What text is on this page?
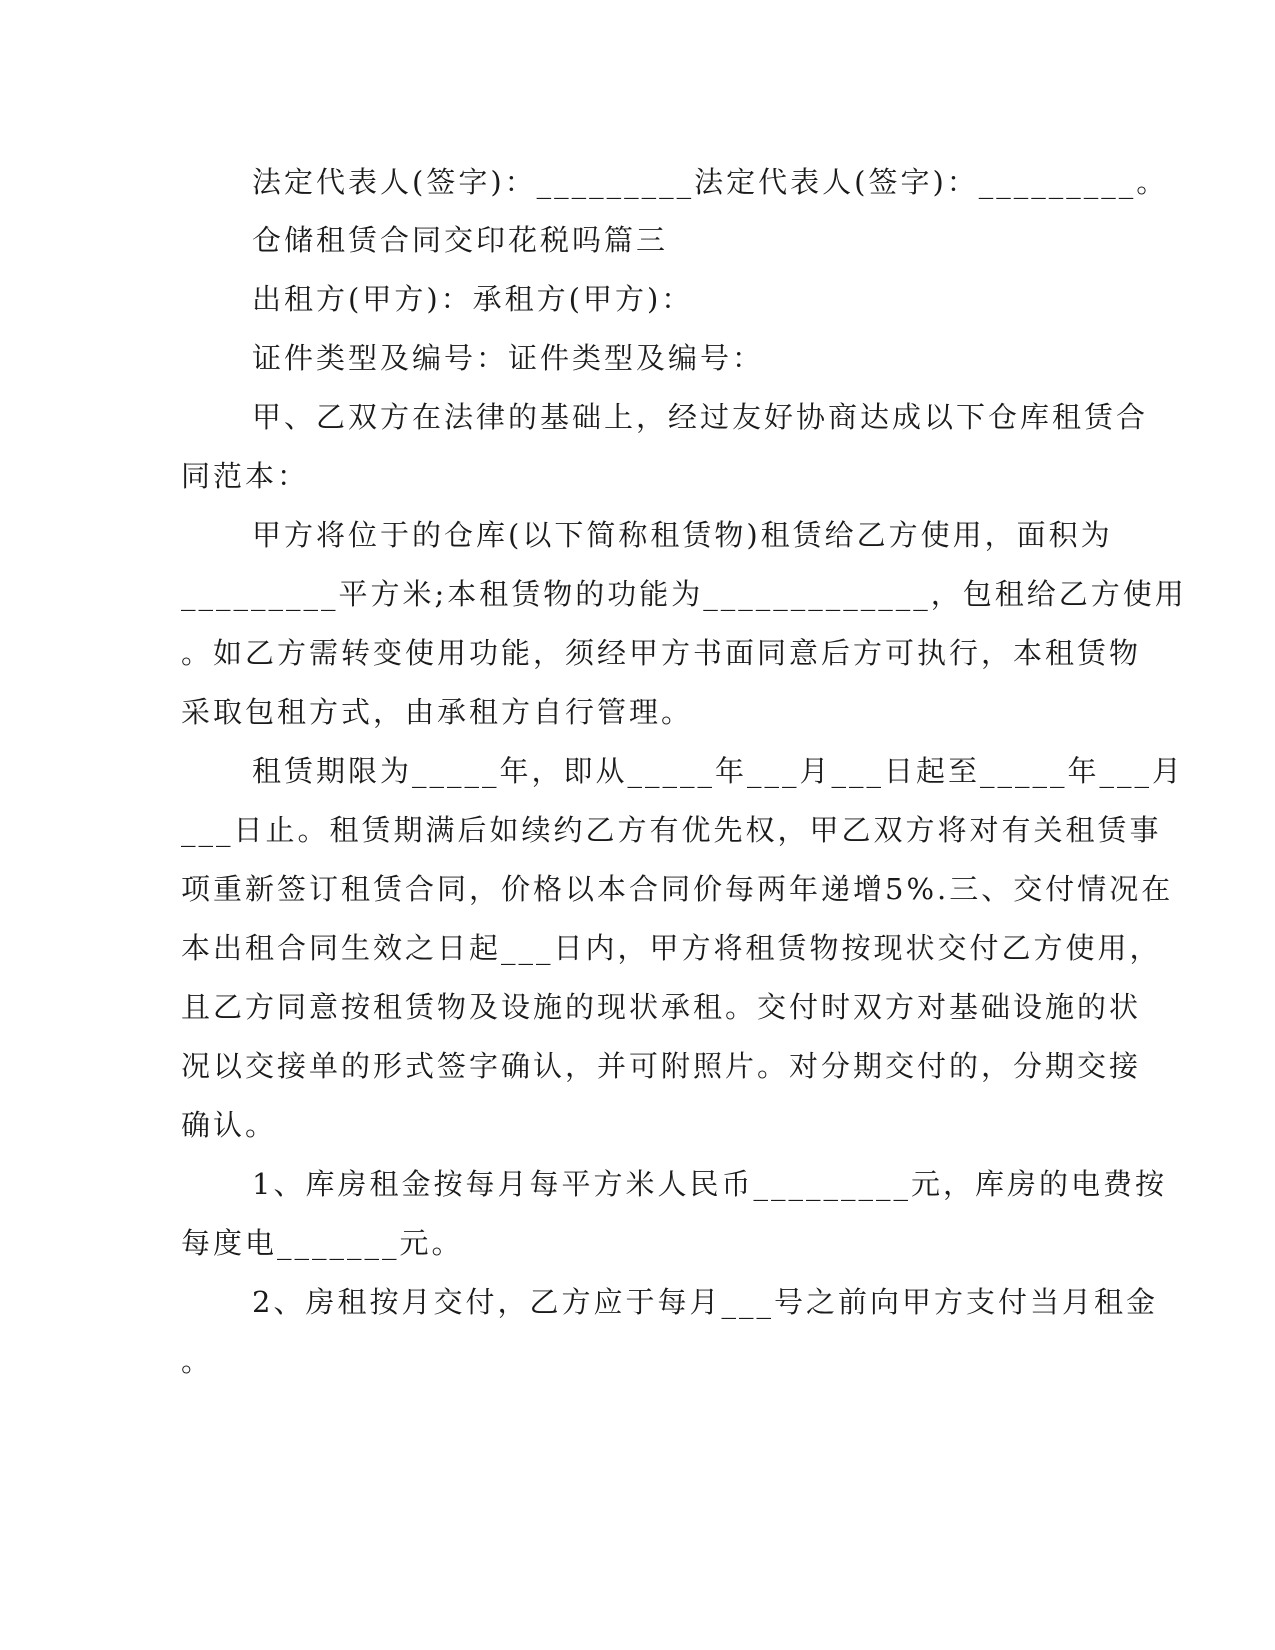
法定代表人(签字)：_________法定代表人(签字)：_________。
仓储租赁合同交印花税吗篇三
出租方(甲方)：承租方(甲方)：
证件类型及编号：证件类型及编号：
甲、乙双方在法律的基础上，经过友好协商达成以下仓库租赁合
同范本：
甲方将位于的仓库(以下简称租赁物)租赁给乙方使用，面积为
_________平方米;本租赁物的功能为_____________，包租给乙方使用
。如乙方需转变使用功能，须经甲方书面同意后方可执行，本租赁物
采取包租方式，由承租方自行管理。
租赁期限为_____年，即从_____年___月___日起至_____年___月
___日止。租赁期满后如续约乙方有优先权，甲乙双方将对有关租赁事
项重新签订租赁合同，价格以本合同价每两年递增5%.三、交付情况在
本出租合同生效之日起___日内，甲方将租赁物按现状交付乙方使用，
且乙方同意按租赁物及设施的现状承租。交付时双方对基础设施的状
况以交接单的形式签字确认，并可附照片。对分期交付的，分期交接
确认。
1、库房租金按每月每平方米人民币_________元，库房的电费按
每度电_______元。
2、房租按月交付，乙方应于每月___号之前向甲方支付当月租金
。
